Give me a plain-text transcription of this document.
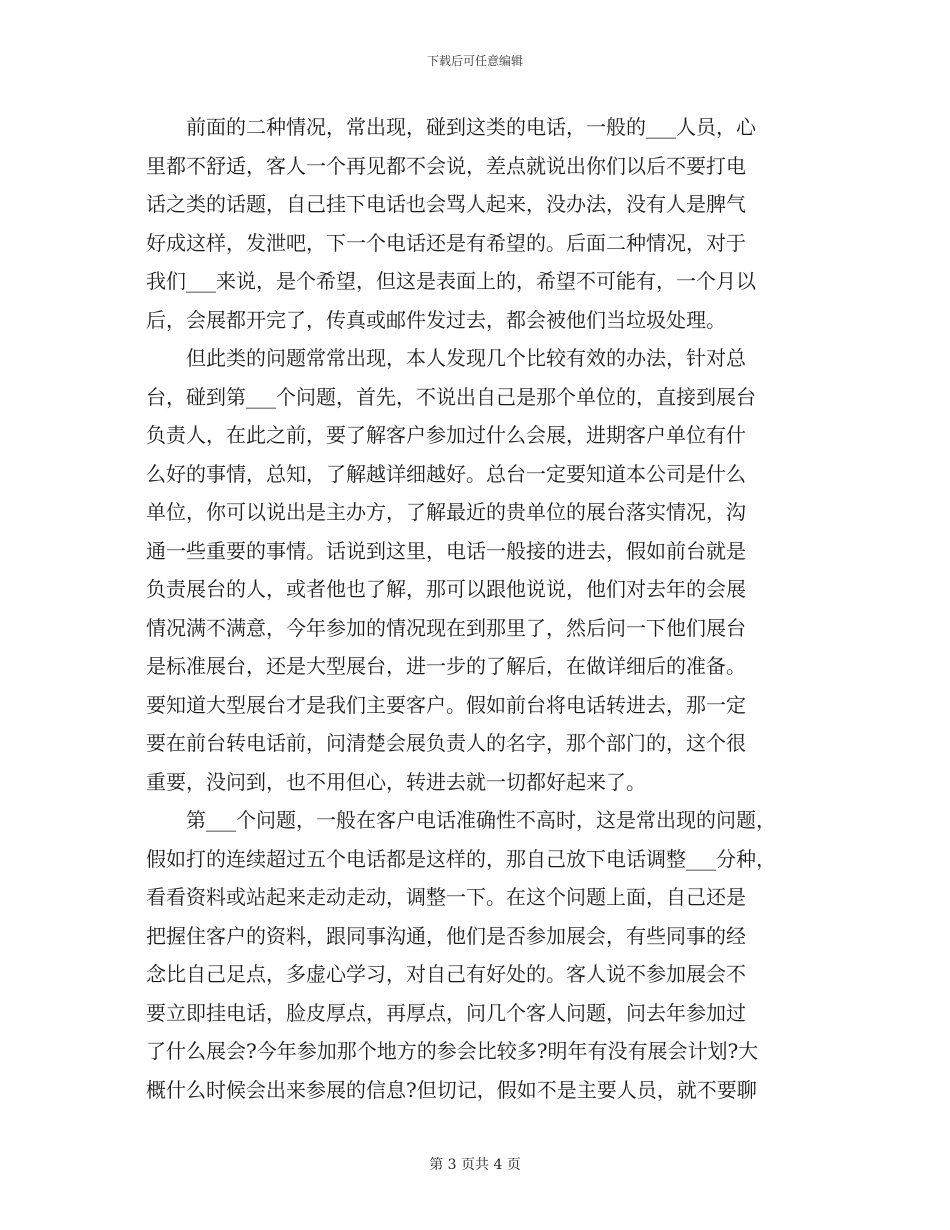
下载后可任意编辑
前面的二种情况，常出现，碰到这类的电话，一般的___人员，心
里都不舒适，客人一个再见都不会说，差点就说出你们以后不要打电
话之类的话题，自己挂下电话也会骂人起来，没办法，没有人是脾气
好成这样，发泄吧，下一个电话还是有希望的。后面二种情况，对于
我们___来说，是个希望，但这是表面上的，希望不可能有，一个月以
后，会展都开完了，传真或邮件发过去，都会被他们当垃圾处理。
但此类的问题常常出现，本人发现几个比较有效的办法，针对总
台，碰到第___个问题，首先，不说出自己是那个单位的，直接到展台
负责人，在此之前，要了解客户参加过什么会展，进期客户单位有什
么好的事情，总知，了解越详细越好。总台一定要知道本公司是什么
单位，你可以说出是主办方，了解最近的贵单位的展台落实情况，沟
通一些重要的事情。话说到这里，电话一般接的进去，假如前台就是
负责展台的人，或者他也了解，那可以跟他说说，他们对去年的会展
情况满不满意，今年参加的情况现在到那里了，然后问一下他们展台
是标准展台，还是大型展台，进一步的了解后，在做详细后的准备。
要知道大型展台才是我们主要客户。假如前台将电话转进去，那一定
要在前台转电话前，问清楚会展负责人的名字，那个部门的，这个很
重要，没问到，也不用但心，转进去就一切都好起来了。
第___个问题，一般在客户电话准确性不高时，这是常出现的问题，
假如打的连续超过五个电话都是这样的，那自己放下电话调整___分种，
看看资料或站起来走动走动，调整一下。在这个问题上面，自己还是
把握住客户的资料，跟同事沟通，他们是否参加展会，有些同事的经
念比自己足点，多虚心学习，对自己有好处的。客人说不参加展会不
要立即挂电话，脸皮厚点，再厚点，问几个客人问题，问去年参加过
了什么展会?今年参加那个地方的参会比较多?明年有没有展会计划?大
概什么时候会出来参展的信息?但切记，假如不是主要人员，就不要聊
第 3 页共 4 页
